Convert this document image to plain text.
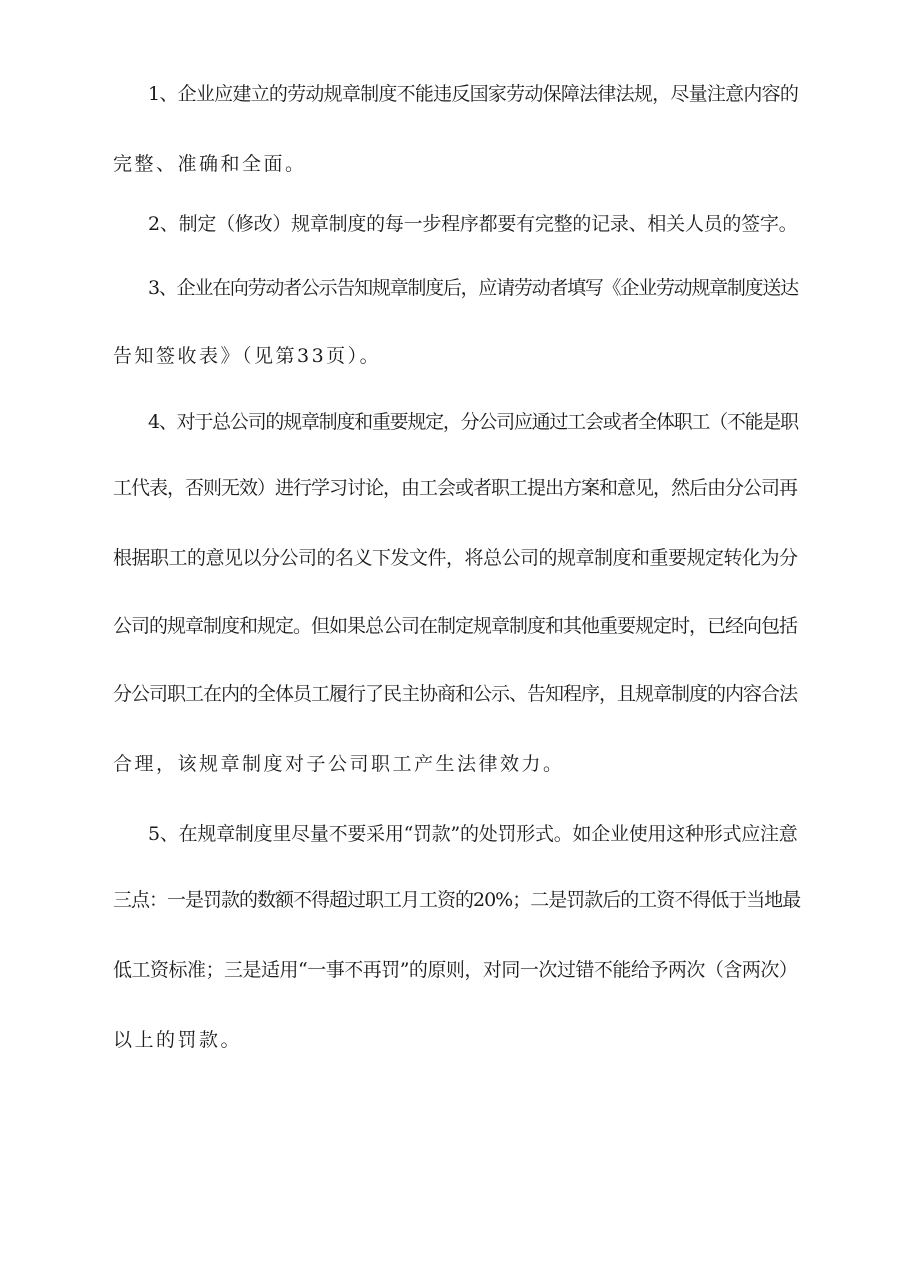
1、企业应建立的劳动规章制度不能违反国家劳动保障法律法规，尽量注意内容的
完整、准确和全面。
2、制定（修改）规章制度的每一步程序都要有完整的记录、相关人员的签字。
3、企业在向劳动者公示告知规章制度后，应请劳动者填写《企业劳动规章制度送达
告知签收表》（见第33页）。
4、对于总公司的规章制度和重要规定，分公司应通过工会或者全体职工（不能是职
工代表，否则无效）进行学习讨论，由工会或者职工提出方案和意见，然后由分公司再
根据职工的意见以分公司的名义下发文件，将总公司的规章制度和重要规定转化为分
公司的规章制度和规定。但如果总公司在制定规章制度和其他重要规定时，已经向包括
分公司职工在内的全体员工履行了民主协商和公示、告知程序，且规章制度的内容合法
合理，该规章制度对子公司职工产生法律效力。
5、在规章制度里尽量不要采用“罚款”的处罚形式。如企业使用这种形式应注意
三点：一是罚款的数额不得超过职工月工资的20%；二是罚款后的工资不得低于当地最
低工资标准；三是适用“一事不再罚”的原则，对同一次过错不能给予两次（含两次）
以上的罚款。
